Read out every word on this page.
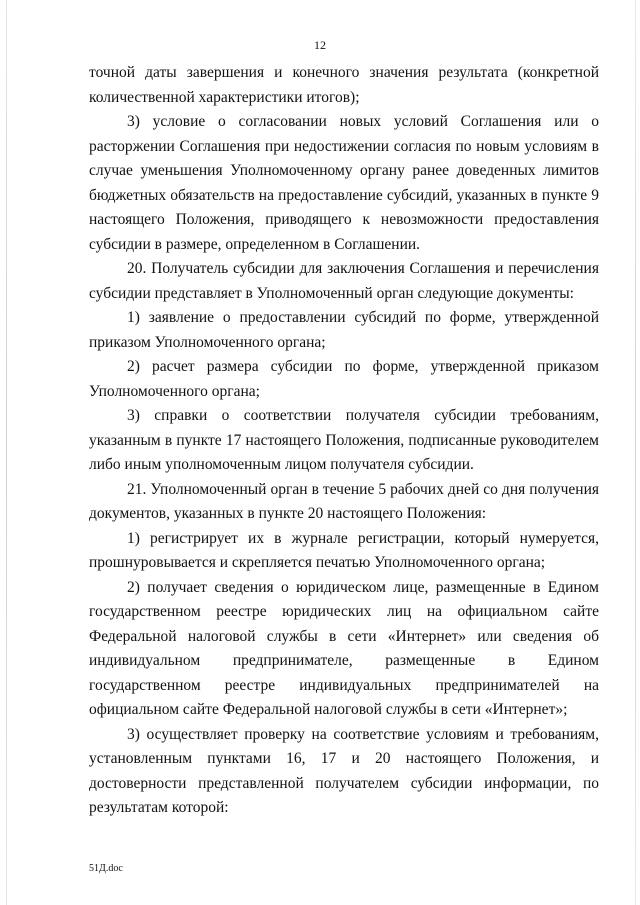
12

точной даты завершения и конечного значения результата (конкретной количественной характеристики итогов);

3) условие о согласовании новых условий Соглашения или о расторжении Соглашения при недостижении согласия по новым условиям в случае уменьшения Уполномоченному органу ранее доведенных лимитов бюджетных обязательств на предоставление субсидий, указанных в пункте 9 настоящего Положения, приводящего к невозможности предоставления субсидии в размере, определенном в Соглашении.

20. Получатель субсидии для заключения Соглашения и перечисления субсидии представляет в Уполномоченный орган следующие документы:

1) заявление о предоставлении субсидий по форме, утвержденной приказом Уполномоченного органа;

2) расчет размера субсидии по форме, утвержденной приказом Уполномоченного органа;

3) справки о соответствии получателя субсидии требованиям, указанным в пункте 17 настоящего Положения, подписанные руководителем либо иным уполномоченным лицом получателя субсидии.

21. Уполномоченный орган в течение 5 рабочих дней со дня получения документов, указанных в пункте 20 настоящего Положения:

1) регистрирует их в журнале регистрации, который нумеруется, прошнуровывается и скрепляется печатью Уполномоченного органа;

2) получает сведения о юридическом лице, размещенные в Едином государственном реестре юридических лиц на официальном сайте Федеральной налоговой службы в сети «Интернет» или сведения об индивидуальном предпринимателе, размещенные в Едином государственном реестре индивидуальных предпринимателей на официальном сайте Федеральной налоговой службы в сети «Интернет»;

3) осуществляет проверку на соответствие условиям и требованиям, установленным пунктами 16, 17 и 20 настоящего Положения, и достоверности представленной получателем субсидии информации, по результатам которой:

51Д.doc
